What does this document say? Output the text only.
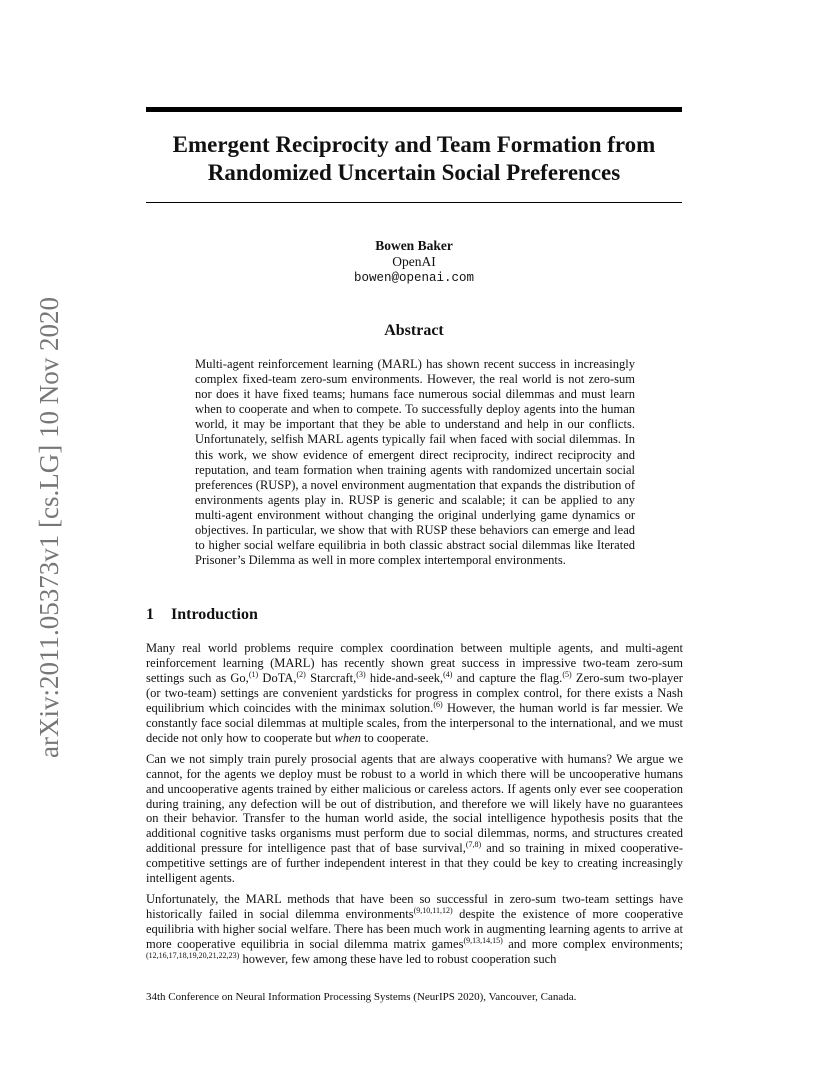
arXiv:2011.05373v1 [cs.LG] 10 Nov 2020
Emergent Reciprocity and Team Formation from
Randomized Uncertain Social Preferences
Bowen Baker
OpenAI
bowen@openai.com
Abstract
Multi-agent reinforcement learning (MARL) has shown recent success in increasingly complex fixed-team zero-sum environments. However, the real world is not zero-sum nor does it have fixed teams; humans face numerous social dilemmas and must learn when to cooperate and when to compete. To successfully deploy agents into the human world, it may be important that they be able to understand and help in our conflicts. Unfortunately, selfish MARL agents typically fail when faced with social dilemmas. In this work, we show evidence of emergent direct reciprocity, indirect reciprocity and reputation, and team formation when training agents with randomized uncertain social preferences (RUSP), a novel environment augmentation that expands the distribution of environments agents play in. RUSP is generic and scalable; it can be applied to any multi-agent environment without changing the original underlying game dynamics or objectives. In particular, we show that with RUSP these behaviors can emerge and lead to higher social welfare equilibria in both classic abstract social dilemmas like Iterated Prisoner’s Dilemma as well in more complex intertemporal environments.
1 Introduction

Many real world problems require complex coordination between multiple agents, and multi-agent reinforcement learning (MARL) has recently shown great success in impressive two-team zero-sum settings such as Go,$^{(1)}$ DoTA,$^{(2)}$ Starcraft,$^{(3)}$ hide-and-seek,$^{(4)}$ and capture the flag.$^{(5)}$ Zero-sum two-player (or two-team) settings are convenient yardsticks for progress in complex control, for there exists a Nash equilibrium which coincides with the minimax solution.$^{(6)}$ However, the human world is far messier. We constantly face social dilemmas at multiple scales, from the interpersonal to the international, and we must decide not only how to cooperate but when to cooperate.

Can we not simply train purely prosocial agents that are always cooperative with humans? We argue we cannot, for the agents we deploy must be robust to a world in which there will be uncooperative humans and uncooperative agents trained by either malicious or careless actors. If agents only ever see cooperation during training, any defection will be out of distribution, and therefore we will likely have no guarantees on their behavior. Transfer to the human world aside, the social intelligence hypothesis posits that the additional cognitive tasks organisms must perform due to social dilemmas, norms, and structures created additional pressure for intelligence past that of base survival,$^{(7,8)}$ and so training in mixed cooperative-competitive settings are of further independent interest in that they could be key to creating increasingly intelligent agents.

Unfortunately, the MARL methods that have been so successful in zero-sum two-team settings have historically failed in social dilemma environments$^{(9,10,11,12)}$ despite the existence of more cooperative equilibria with higher social welfare. There has been much work in augmenting learning agents to arrive at more cooperative equilibria in social dilemma matrix games$^{(9,13,14,15)}$ and more complex environments;$^{(12,16,17,18,19,20,21,22,23)}$ however, few among these have led to robust cooperation such

34th Conference on Neural Information Processing Systems (NeurIPS 2020), Vancouver, Canada.
